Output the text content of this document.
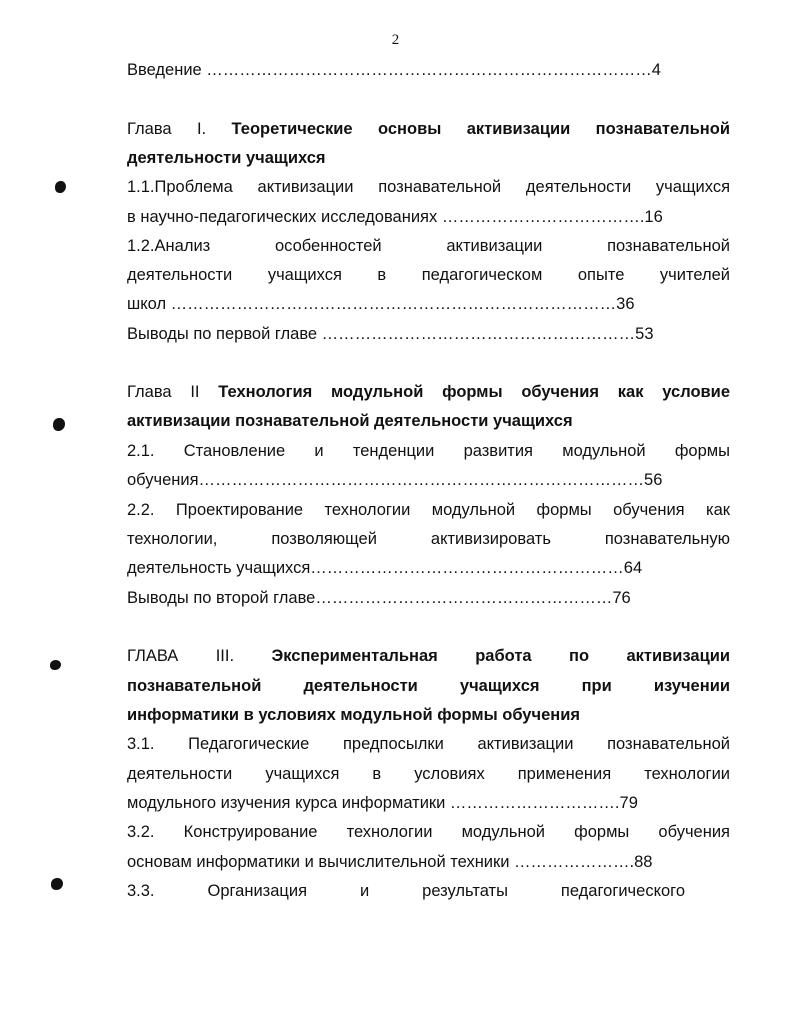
2
Введение ………………………………………………………………………4
Глава I. Теоретические основы активизации познавательной
деятельности учащихся
1.1.Проблема активизации познавательной деятельности учащихся
в научно-педагогических исследованиях ……………………………….16
1.2.Анализ особенностей активизации познавательной
деятельности учащихся в педагогическом опыте учителей
школ ………………………………………………………………………36
Выводы по первой главе …………………………………………………53
Глава II Технология модульной формы обучения как условие
активизации познавательной деятельности учащихся
2.1. Становление и тенденции развития модульной формы
обучения………………………………………………………………………56
2.2. Проектирование технологии модульной формы обучения как
технологии, позволяющей активизировать познавательную
деятельность учащихся…………………………………………………64
Выводы по второй главе………………………………………………76
ГЛАВА III. Экспериментальная работа по активизации
познавательной деятельности учащихся при изучении
информатики в условиях модульной формы обучения
3.1. Педагогические предпосылки активизации познавательной
деятельности учащихся в условиях применения технологии
модульного изучения курса информатики ………………………….79
3.2. Конструирование технологии модульной формы обучения
основам информатики и вычислительной техники ………………….88
3.3. Организация и результаты педагогического
